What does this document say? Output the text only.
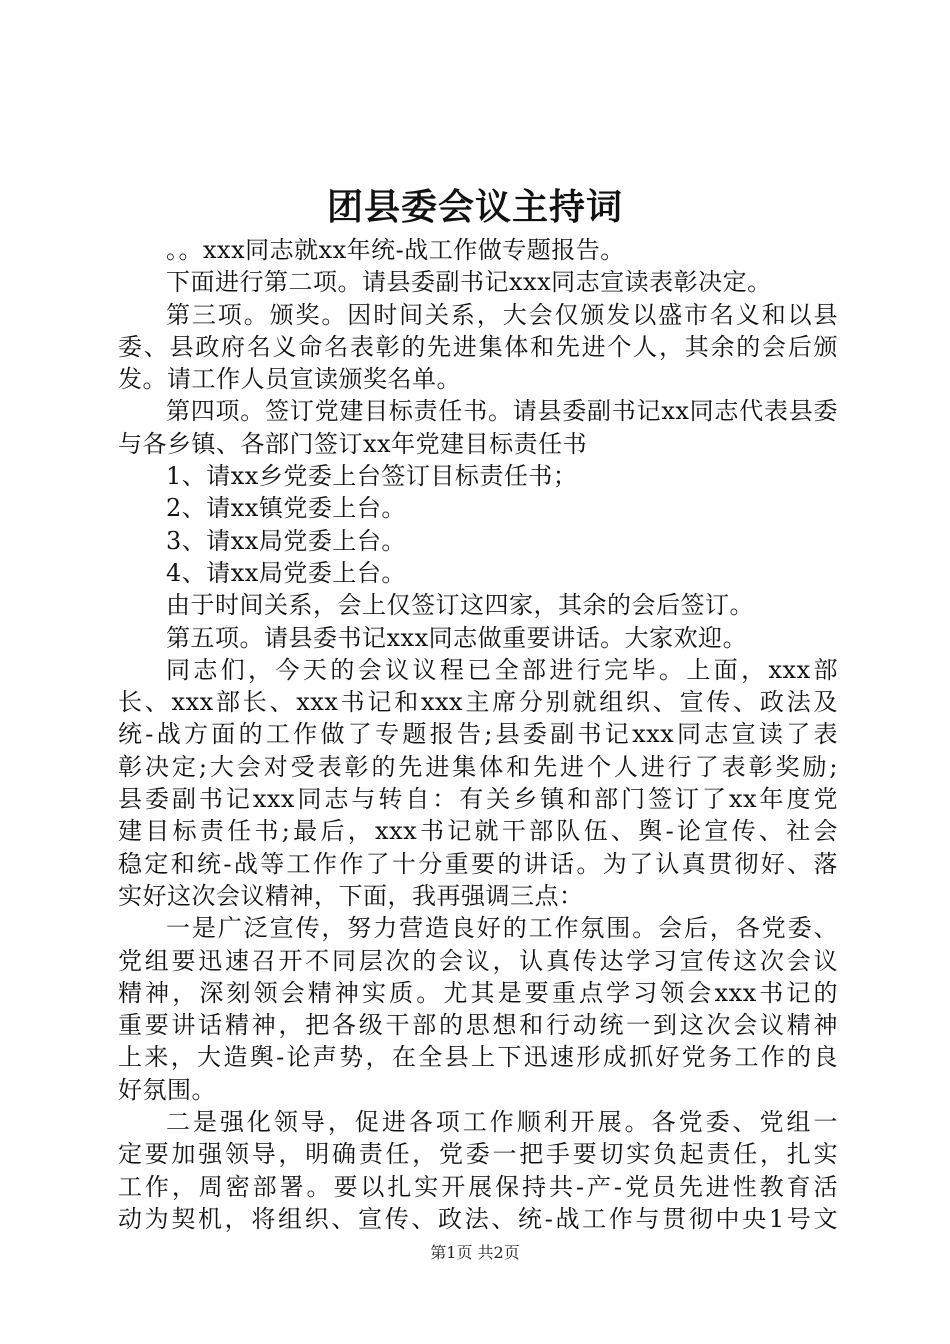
团县委会议主持词

。。xxx同志就xx年统-战工作做专题报告。

下面进行第二项。请县委副书记xxx同志宣读表彰决定。

第三项。颁奖。因时间关系，大会仅颁发以盛市名义和以县委、县政府名义命名表彰的先进集体和先进个人，其余的会后颁发。请工作人员宣读颁奖名单。

第四项。签订党建目标责任书。请县委副书记xx同志代表县委与各乡镇、各部门签订xx年党建目标责任书

1、请xx乡党委上台签订目标责任书；

2、请xx镇党委上台。

3、请xx局党委上台。

4、请xx局党委上台。

由于时间关系，会上仅签订这四家，其余的会后签订。

第五项。请县委书记xxx同志做重要讲话。大家欢迎。

同志们，今天的会议议程已全部进行完毕。上面，xxx部
长、xxx部长、xxx书记和xxx主席分别就组织、宣传、政法及
统-战方面的工作做了专题报告;县委副书记xxx同志宣读了表
彰决定;大会对受表彰的先进集体和先进个人进行了表彰奖励;
县委副书记xxx同志与转自：有关乡镇和部门签订了xx年度党
建目标责任书;最后，xxx书记就干部队伍、舆-论宣传、社会
稳定和统-战等工作作了十分重要的讲话。为了认真贯彻好、落
实好这次会议精神，下面，我再强调三点：

一是广泛宣传，努力营造良好的工作氛围。会后，各党委、
党组要迅速召开不同层次的会议，认真传达学习宣传这次会议
精神，深刻领会精神实质。尤其是要重点学习领会xxx书记的
重要讲话精神，把各级干部的思想和行动统一到这次会议精神
上来，大造舆-论声势，在全县上下迅速形成抓好党务工作的良
好氛围。

二是强化领导，促进各项工作顺利开展。各党委、党组一
定要加强领导，明确责任，党委一把手要切实负起责任，扎实
工作，周密部署。要以扎实开展保持共-产-党员先进性教育活
动为契机，将组织、宣传、政法、统-战工作与贯彻中央1号文

第1页 共2页
